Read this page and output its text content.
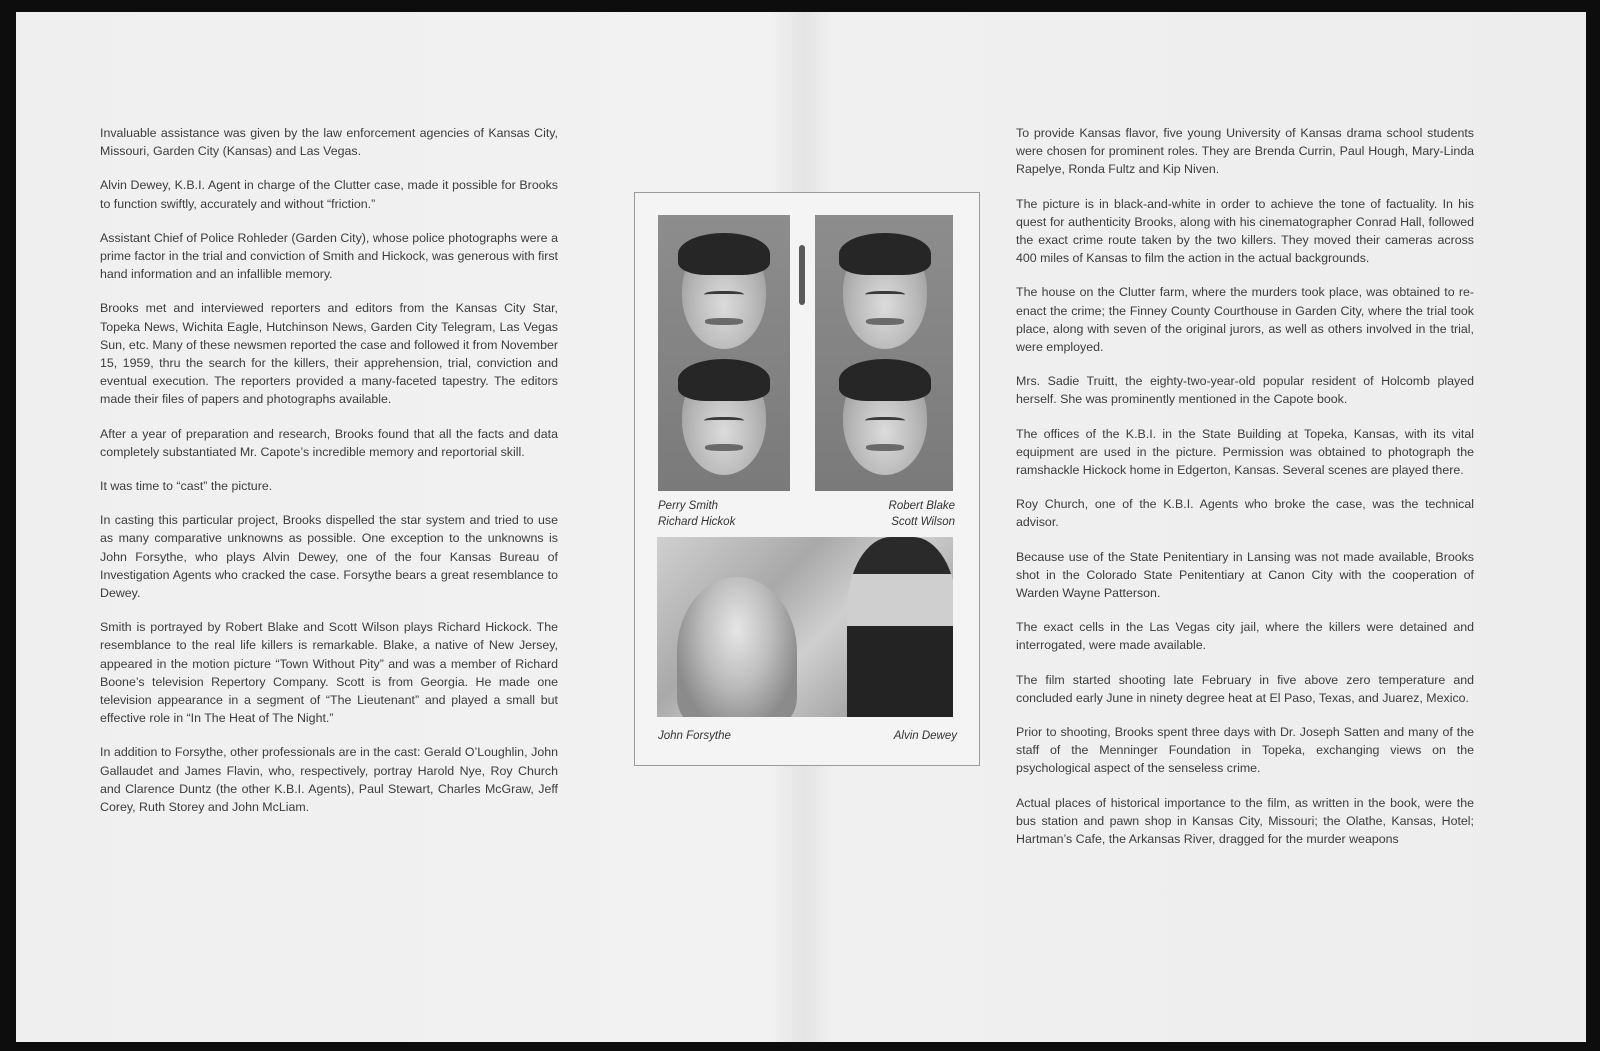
Invaluable assistance was given by the law enforcement agencies of Kansas City, Missouri, Garden City (Kansas) and Las Vegas.

Alvin Dewey, K.B.I. Agent in charge of the Clutter case, made it possible for Brooks to function swiftly, accurately and without “friction.”

Assistant Chief of Police Rohleder (Garden City), whose police photographs were a prime factor in the trial and conviction of Smith and Hickock, was generous with first hand information and an infallible memory.

Brooks met and interviewed reporters and editors from the Kansas City Star, Topeka News, Wichita Eagle, Hutchinson News, Garden City Telegram, Las Vegas Sun, etc. Many of these newsmen reported the case and followed it from November 15, 1959, thru the search for the killers, their apprehension, trial, conviction and eventual execution. The reporters provided a many-faceted tapestry. The editors made their files of papers and photographs available.

After a year of preparation and research, Brooks found that all the facts and data completely substantiated Mr. Capote’s incredible memory and reportorial skill.

It was time to “cast” the picture.

In casting this particular project, Brooks dispelled the star system and tried to use as many comparative unknowns as possible. One exception to the unknowns is John Forsythe, who plays Alvin Dewey, one of the four Kansas Bureau of Investigation Agents who cracked the case. Forsythe bears a great resemblance to Dewey.

Smith is portrayed by Robert Blake and Scott Wilson plays Richard Hickock. The resemblance to the real life killers is remarkable. Blake, a native of New Jersey, appeared in the motion picture “Town Without Pity” and was a member of Richard Boone’s television Repertory Company. Scott is from Georgia. He made one television appearance in a segment of “The Lieutenant” and played a small but effective role in “In The Heat of The Night.”

In addition to Forsythe, other professionals are in the cast: Gerald O’Loughlin, John Gallaudet and James Flavin, who, respectively, portray Harold Nye, Roy Church and Clarence Duntz (the other K.B.I. Agents), Paul Stewart, Charles McGraw, Jeff Corey, Ruth Storey and John McLiam.

Perry Smith
Richard Hickok
Robert Blake
Scott Wilson
John Forsythe	Alvin Dewey

To provide Kansas flavor, five young University of Kansas drama school students were chosen for prominent roles. They are Brenda Currin, Paul Hough, Mary-Linda Rapelye, Ronda Fultz and Kip Niven.

The picture is in black-and-white in order to achieve the tone of factuality. In his quest for authenticity Brooks, along with his cinematographer Conrad Hall, followed the exact crime route taken by the two killers. They moved their cameras across 400 miles of Kansas to film the action in the actual backgrounds.

The house on the Clutter farm, where the murders took place, was obtained to re-enact the crime; the Finney County Courthouse in Garden City, where the trial took place, along with seven of the original jurors, as well as others involved in the trial, were employed.

Mrs. Sadie Truitt, the eighty-two-year-old popular resident of Holcomb played herself. She was prominently mentioned in the Capote book.

The offices of the K.B.I. in the State Building at Topeka, Kansas, with its vital equipment are used in the picture. Permission was obtained to photograph the ramshackle Hickock home in Edgerton, Kansas. Several scenes are played there.

Roy Church, one of the K.B.I. Agents who broke the case, was the technical advisor.

Because use of the State Penitentiary in Lansing was not made available, Brooks shot in the Colorado State Penitentiary at Canon City with the cooperation of Warden Wayne Patterson.

The exact cells in the Las Vegas city jail, where the killers were detained and interrogated, were made available.

The film started shooting late February in five above zero temperature and concluded early June in ninety degree heat at El Paso, Texas, and Juarez, Mexico.

Prior to shooting, Brooks spent three days with Dr. Joseph Satten and many of the staff of the Menninger Foundation in Topeka, exchanging views on the psychological aspect of the senseless crime.

Actual places of historical importance to the film, as written in the book, were the bus station and pawn shop in Kansas City, Missouri; the Olathe, Kansas, Hotel; Hartman’s Cafe, the Arkansas River, dragged for the murder weapons
